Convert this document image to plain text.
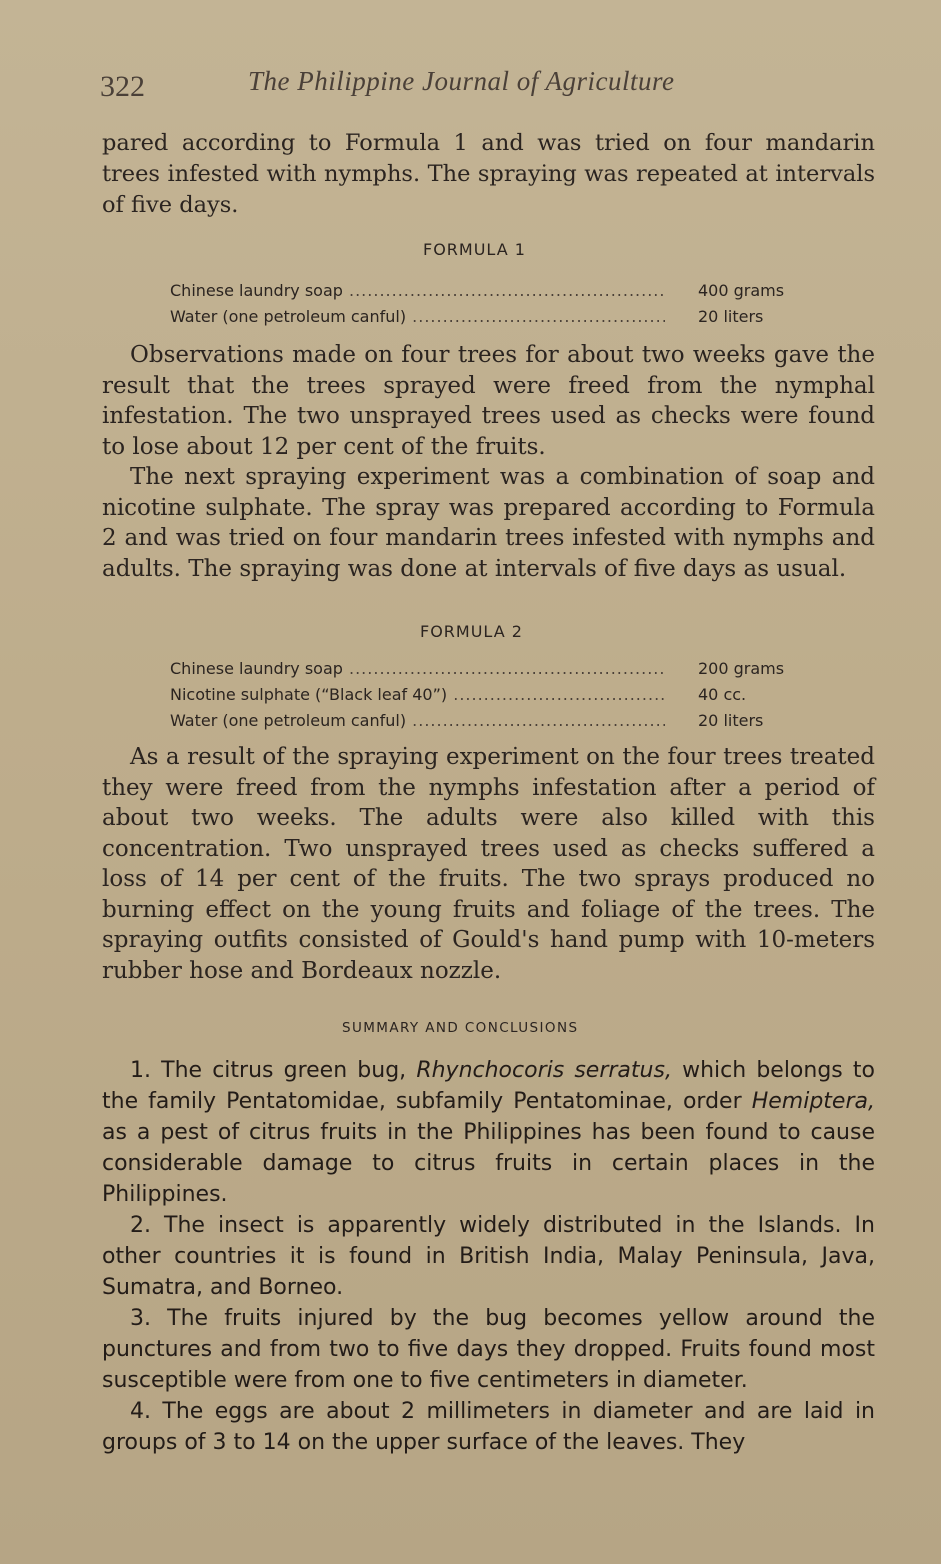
322	The Philippine Journal of Agriculture
pared according to Formula 1 and was tried on four mandarin trees infested with nymphs. The spraying was repeated at intervals of five days.
FORMULA 1
Chinese laundry soap .....	400 grams
Water (one petroleum canful) .....	20 liters
Observations made on four trees for about two weeks gave the result that the trees sprayed were freed from the nymphal infestation. The two unsprayed trees used as checks were found to lose about 12 per cent of the fruits.
The next spraying experiment was a combination of soap and nicotine sulphate. The spray was prepared according to Formula 2 and was tried on four mandarin trees infested with nymphs and adults. The spraying was done at intervals of five days as usual.
FORMULA 2
Chinese laundry soap .....	200 grams
Nicotine sulphate (“Black leaf 40”) .....	40 cc.
Water (one petroleum canful) .....	20 liters
As a result of the spraying experiment on the four trees treated they were freed from the nymphs infestation after a period of about two weeks. The adults were also killed with this concentration. Two unsprayed trees used as checks suffered a loss of 14 per cent of the fruits. The two sprays produced no burning effect on the young fruits and foliage of the trees. The spraying outfits consisted of Gould's hand pump with 10-meters rubber hose and Bordeaux nozzle.
SUMMARY AND CONCLUSIONS
1. The citrus green bug, Rhynchocoris serratus, which belongs to the family Pentatomidae, subfamily Pentatominae, order Hemiptera, as a pest of citrus fruits in the Philippines has been found to cause considerable damage to citrus fruits in certain places in the Philippines.
2. The insect is apparently widely distributed in the Islands. In other countries it is found in British India, Malay Peninsula, Java, Sumatra, and Borneo.
3. The fruits injured by the bug becomes yellow around the punctures and from two to five days they dropped. Fruits found most susceptible were from one to five centimeters in diameter.
4. The eggs are about 2 millimeters in diameter and are laid in groups of 3 to 14 on the upper surface of the leaves. They
